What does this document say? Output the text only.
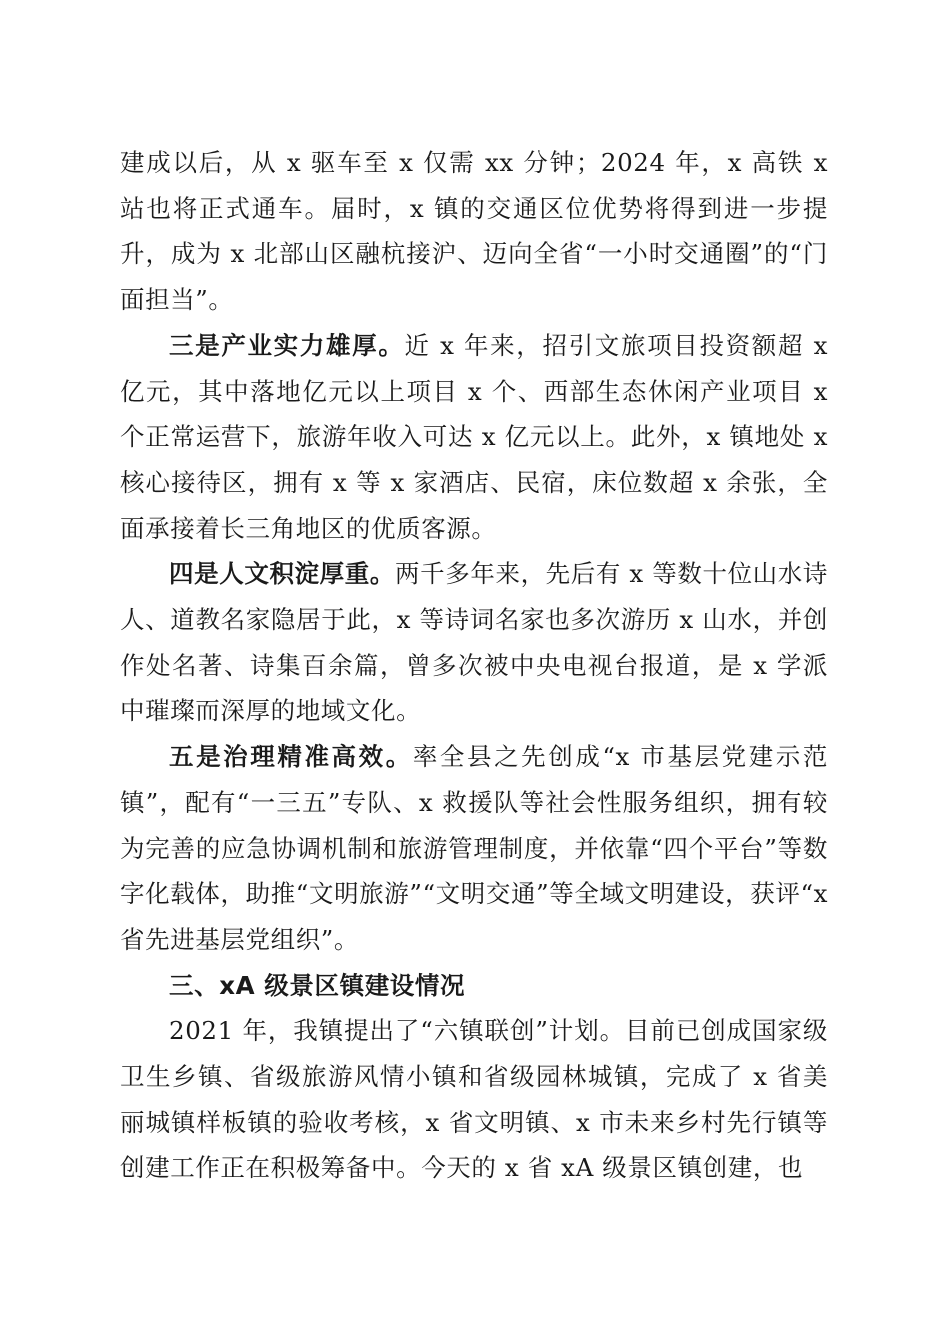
建成以后，从 x 驱车至 x 仅需 xx 分钟；2024 年，x 高铁 x 站也将正式通车。届时，x 镇的交通区位优势将得到进一步提升，成为 x 北部山区融杭接沪、迈向全省“一小时交通圈”的“门面担当”。

三是产业实力雄厚。近 x 年来，招引文旅项目投资额超 x 亿元，其中落地亿元以上项目 x 个、西部生态休闲产业项目 x 个正常运营下，旅游年收入可达 x 亿元以上。此外，x 镇地处 x 核心接待区，拥有 x 等 x 家酒店、民宿，床位数超 x 余张，全面承接着长三角地区的优质客源。

四是人文积淀厚重。两千多年来，先后有 x 等数十位山水诗人、道教名家隐居于此，x 等诗词名家也多次游历 x 山水，并创作处名著、诗集百余篇，曾多次被中央电视台报道，是 x 学派中璀璨而深厚的地域文化。

五是治理精准高效。率全县之先创成“x 市基层党建示范镇”，配有“一三五”专队、x 救援队等社会性服务组织，拥有较为完善的应急协调机制和旅游管理制度，并依靠“四个平台”等数字化载体，助推“文明旅游”“文明交通”等全域文明建设，获评“x 省先进基层党组织”。

三、xA 级景区镇建设情况

2021 年，我镇提出了“六镇联创”计划。目前已创成国家级卫生乡镇、省级旅游风情小镇和省级园林城镇，完成了 x 省美丽城镇样板镇的验收考核，x 省文明镇、x 市未来乡村先行镇等创建工作正在积极筹备中。今天的 x 省 xA 级景区镇创建，也
